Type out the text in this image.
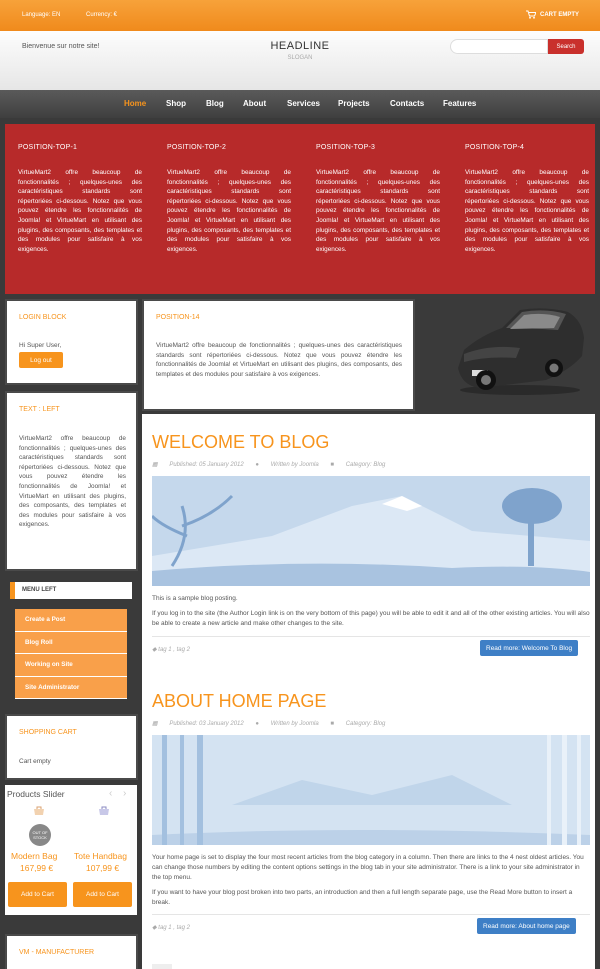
Language: EN	Currency: €	CART EMPTY
Bienvenue sur notre site!	HEADLINE
SLOGAN
Search
Home Shop	Blog About	Services Projects	Contacts Features
POSITION-TOP-1

VirtueMart2 offre beaucoup de fonctionnalités ; quelques-unes des caractéristiques standards sont répertoriées ci-dessous. Notez que vous pouvez étendre les fonctionnalités de Joomla! et VirtueMart en utilisant des plugins, des composants, des templates et des modules pour satisfaire à vos exigences.

POSITION-TOP-2

VirtueMart2 offre beaucoup de fonctionnalités ; quelques-unes des caractéristiques standards sont répertoriées ci-dessous. Notez que vous pouvez étendre les fonctionnalités de Joomla! et VirtueMart en utilisant des plugins, des composants, des templates et des modules pour satisfaire à vos exigences.

POSITION-TOP-3

VirtueMart2 offre beaucoup de fonctionnalités ; quelques-unes des caractéristiques standards sont répertoriées ci-dessous. Notez que vous pouvez étendre les fonctionnalités de Joomla! et VirtueMart en utilisant des plugins, des composants, des templates et des modules pour satisfaire à vos exigences.

POSITION-TOP-4

VirtueMart2 offre beaucoup de fonctionnalités ; quelques-unes des caractéristiques standards sont répertoriées ci-dessous. Notez que vous pouvez étendre les fonctionnalités de Joomla! et VirtueMart en utilisant des plugins, des composants, des templates et des modules pour satisfaire à vos exigences.

LOGIN BLOCK
Hi Super User,
Log out
POSITION-14

VirtueMart2 offre beaucoup de fonctionnalités ; quelques-unes des caractéristiques standards sont répertoriées ci-dessous. Notez que vous pouvez étendre les fonctionnalités de Joomla! et VirtueMart en utilisant des plugins, des composants, des templates et des modules pour satisfaire à vos exigences.

TEXT : LEFT

VirtueMart2 offre beaucoup de fonctionnalités ; quelques-unes des caractéristiques standards sont répertoriées ci-dessous. Notez que vous pouvez étendre les fonctionnalités de Joomla! et VirtueMart en utilisant des plugins, des composants, des templates et des modules pour satisfaire à vos exigences.

MENU LEFT
Create a Post
Blog Roll
Working on Site
Site Administrator
SHOPPING CART
Cart empty
Products Slider	‹ ›
OUT OF STOCK
Modern Bag
167,99 €
Add to Cart
Tote Handbag
107,99 €
Add to Cart
VM - MANUFACTURER
WELCOME TO BLOG
▦ Published: 05 January 2012 ● Written by Joomla ■ Category: Blog

This is a sample blog posting.

If you log in to the site (the Author Login link is on the very bottom of this page) you will be able to edit it and all of the other existing articles. You will also be able to create a new article and make other changes to the site.

◆ tag 1 , tag 2	Read more: Welcome To Blog
ABOUT HOME PAGE
▦ Published: 03 January 2012 ● Written by Joomla ■ Category: Blog

Your home page is set to display the four most recent articles from the blog category in a column. Then there are links to the 4 nest oldest articles. You can change those numbers by editing the content options settings in the blog tab in your site administrator. There is a link to your site administrator in the top menu.

If you want to have your blog post broken into two parts, an introduction and then a full length separate page, use the Read More button to insert a break.

◆ tag 1 , tag 2	Read more: About home page
